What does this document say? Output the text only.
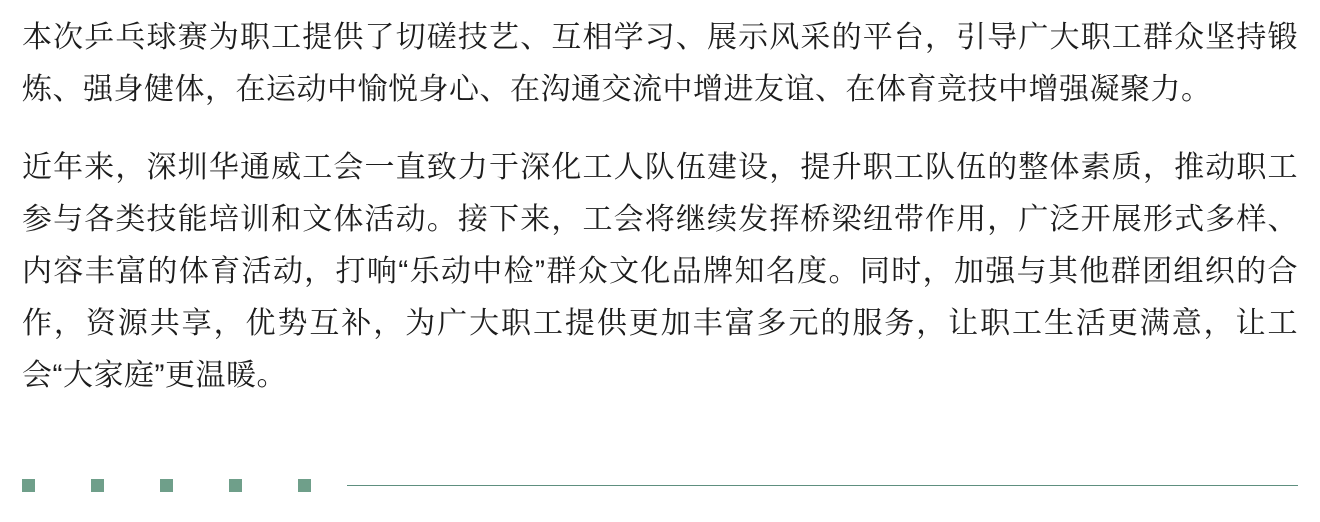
本次乒乓球赛为职工提供了切磋技艺、互相学习、展示风采的平台，引导广大职工群众坚持锻炼、强身健体，在运动中愉悦身心、在沟通交流中增进友谊、在体育竞技中增强凝聚力。

近年来，深圳华通威工会一直致力于深化工人队伍建设，提升职工队伍的整体素质，推动职工参与各类技能培训和文体活动。接下来，工会将继续发挥桥梁纽带作用，广泛开展形式多样、内容丰富的体育活动，打响“乐动中检”群众文化品牌知名度。同时，加强与其他群团组织的合作，资源共享，优势互补，为广大职工提供更加丰富多元的服务，让职工生活更满意，让工会“大家庭”更温暖。
